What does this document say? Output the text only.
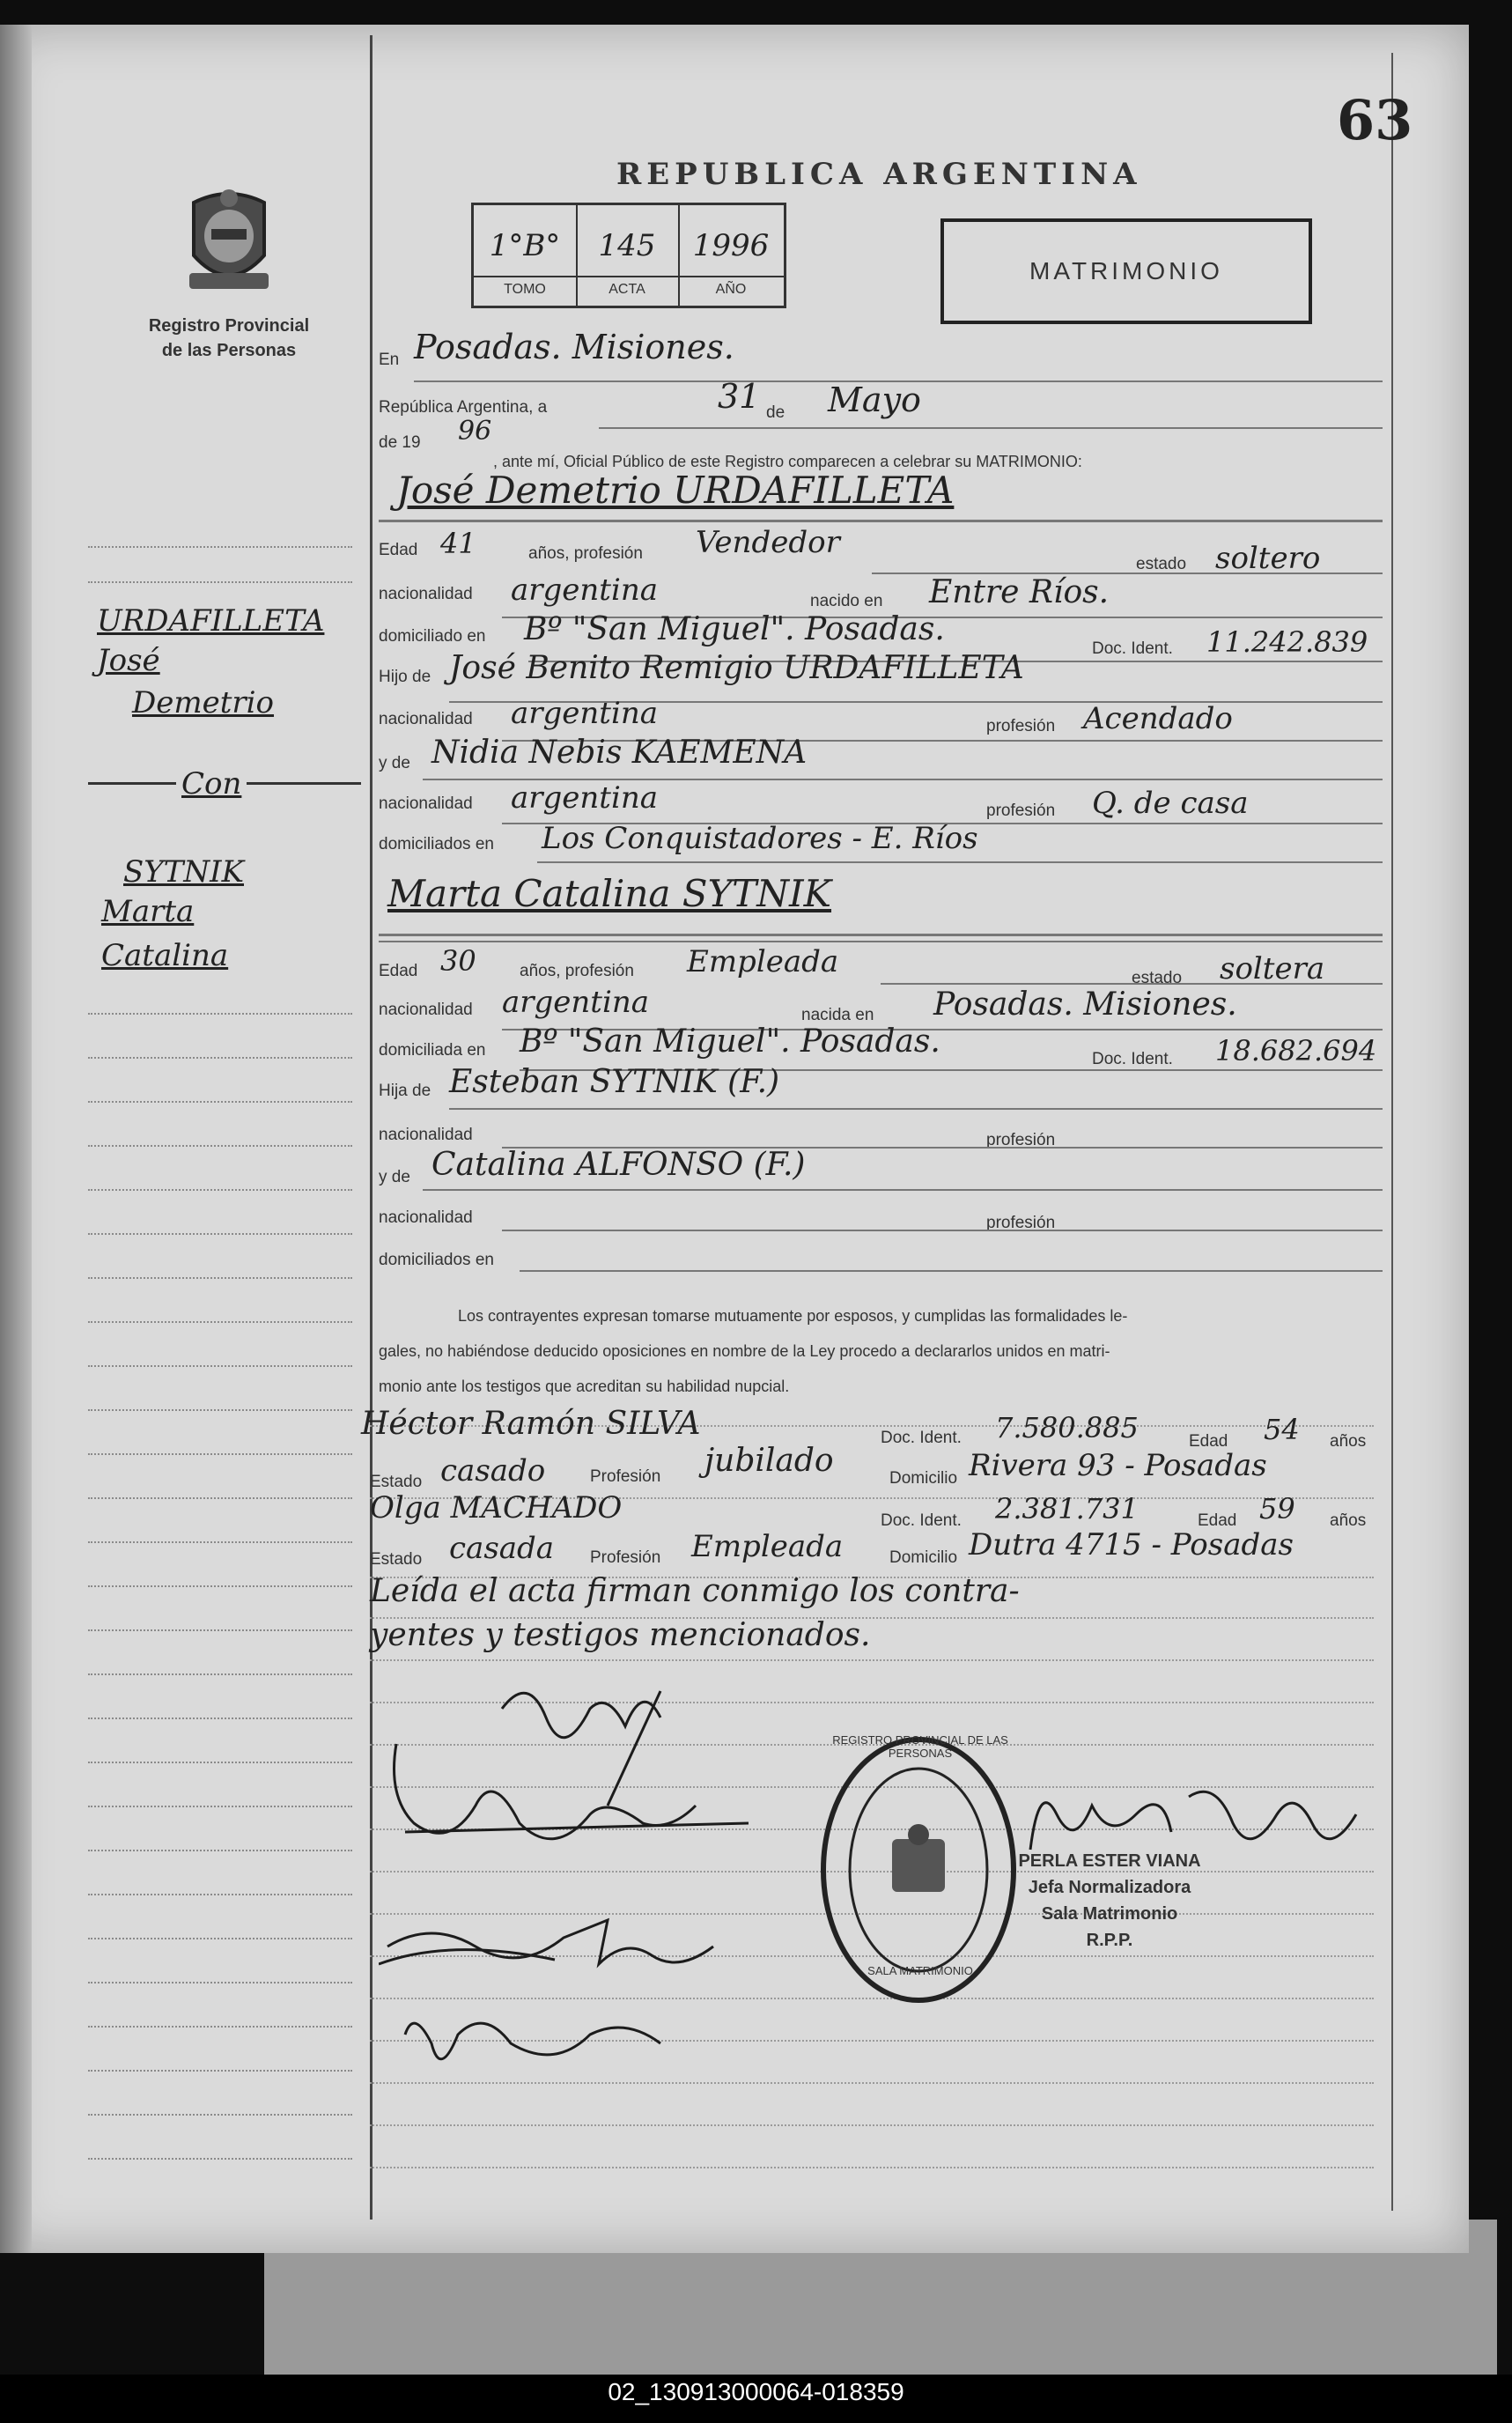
63
Registro Provincial
de las Personas
URDAFILLETA
José
Demetrio
Con
SYTNIK
Marta
Catalina
REPUBLICA ARGENTINA
1°B°	145	1996
TOMO	ACTA	AÑO
MATRIMONIO
En Posadas. Misiones.
República Argentina, a	31 de Mayo
de 19 96
, ante mí, Oficial Público de este Registro comparecen a celebrar su MATRIMONIO:
José Demetrio URDAFILLETA
Edad 41	años, profesión Vendedor
estado soltero
nacionalidad argentina	nacido en Entre Ríos.
domiciliado en Bº "San Miguel". Posadas.
Doc. Ident. 11.242.839
Hijo de José Benito Remigio URDAFILLETA
nacionalidad argentina	profesión Acendado
y de Nidia Nebis KAEMENA
nacionalidad argentina	profesión Q. de casa
domiciliados en Los Conquistadores - E. Ríos
Marta Catalina SYTNIK
Edad 30	años, profesión Empleada	estado soltera
nacionalidad argentina	nacida en Posadas. Misiones.
domiciliada en Bº "San Miguel". Posadas.	Doc. Ident. 18.682.694
Hija de Esteban SYTNIK (F.)
nacionalidad	profesión
y de Catalina ALFONSO (F.)
nacionalidad	profesión
domiciliados en
Los contrayentes expresan tomarse mutuamente por esposos, y cumplidas las formalidades le-
gales, no habiéndose deducido oposiciones en nombre de la Ley procedo a declararlos unidos en matri-
monio ante los testigos que acreditan su habilidad nupcial.
Héctor Ramón SILVA	Doc. Ident. 7.580.885	Edad 54 años
Estado casado	Profesión jubilado	Domicilio Rivera 93 - Posadas
Olga MACHADO	Doc. Ident. 2.381.731	Edad 59 años
Estado casada Profesión Empleada	Domicilio Dutra 4715 - Posadas
Leída el acta firman conmigo los contra-
yentes y testigos mencionados.
REGISTRO PROVINCIAL DE LAS PERSONAS
SALA MATRIMONIO
PERLA ESTER VIANA
Jefa Normalizadora
Sala Matrimonio
R.P.P.
02_130913000064-018359
